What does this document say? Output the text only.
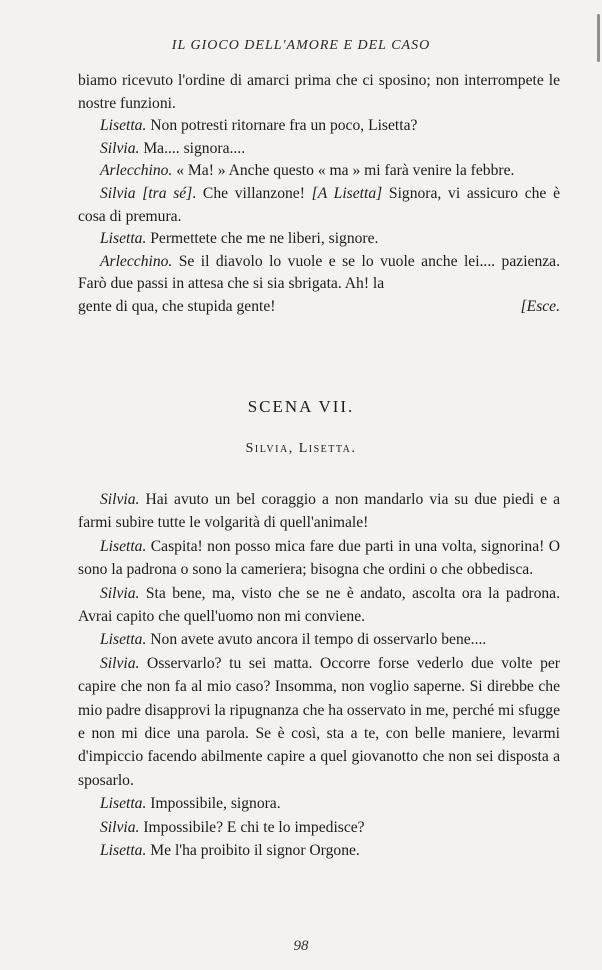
IL GIOCO DELL'AMORE E DEL CASO

biamo ricevuto l'ordine di amarci prima che ci sposino; non interrompete le nostre funzioni.

Lisetta. Non potresti ritornare fra un poco, Lisetta?

Silvia. Ma.... signora....

Arlecchino. « Ma! » Anche questo « ma » mi farà venire la febbre.

Silvia [tra sé]. Che villanzone! [A Lisetta] Signora, vi assicuro che è cosa di premura.

Lisetta. Permettete che me ne liberi, signore.

Arlecchino. Se il diavolo lo vuole e se lo vuole anche lei.... pazienza. Farò due passi in attesa che si sia sbrigata. Ah! la

gente di qua, che stupida gente!	[Esce.

SCENA VII.
Silvia, Lisetta.

Silvia. Hai avuto un bel coraggio a non mandarlo via su due piedi e a farmi subire tutte le volgarità di quell'animale!

Lisetta. Caspita! non posso mica fare due parti in una volta, signorina! O sono la padrona o sono la cameriera; bisogna che ordini o che obbedisca.

Silvia. Sta bene, ma, visto che se ne è andato, ascolta ora la padrona. Avrai capito che quell'uomo non mi conviene.

Lisetta. Non avete avuto ancora il tempo di osservarlo bene....

Silvia. Osservarlo? tu sei matta. Occorre forse vederlo due volte per capire che non fa al mio caso? Insomma, non voglio saperne. Si direbbe che mio padre disapprovi la ripugnanza che ha osservato in me, perché mi sfugge e non mi dice una parola. Se è così, sta a te, con belle maniere, levarmi d'impiccio facendo abilmente capire a quel giovanotto che non sei disposta a sposarlo.

Lisetta. Impossibile, signora.

Silvia. Impossibile? E chi te lo impedisce?

Lisetta. Me l'ha proibito il signor Orgone.

98
